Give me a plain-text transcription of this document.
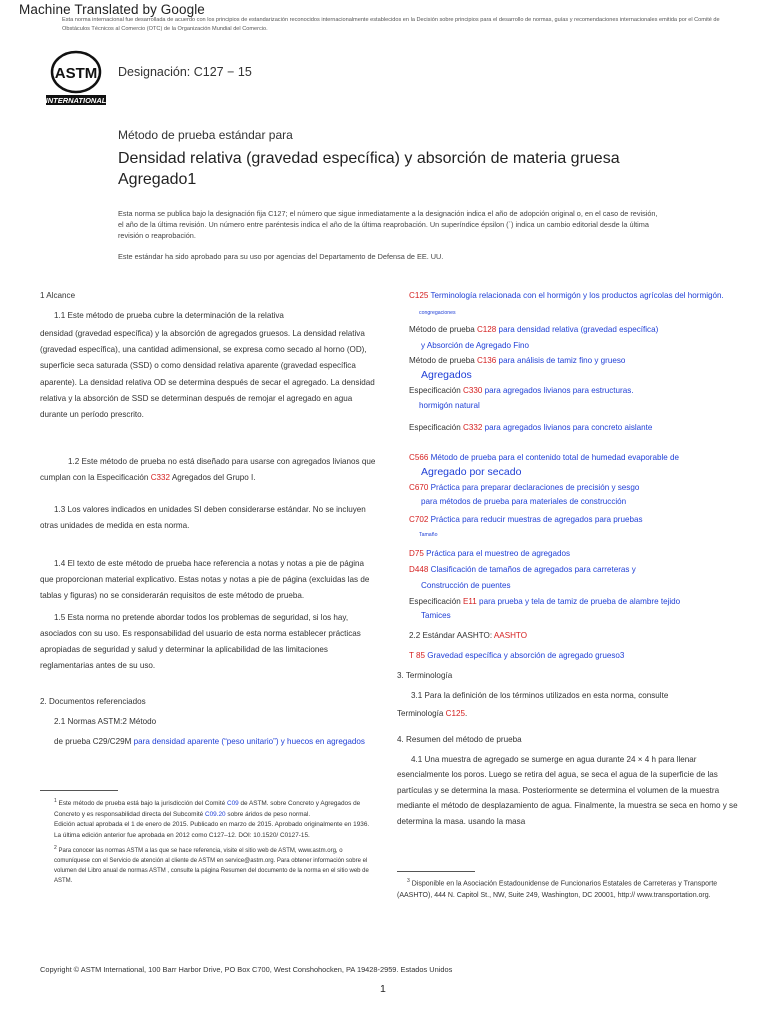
Machine Translated by Google
Esta norma internacional fue desarrollada de acuerdo con los principios de estandarización reconocidos internacionalmente establecidos en la Decisión sobre principios para el desarrollo de normas, guías y recomendaciones internacionales emitida por el Comité de Obstáculos Técnicos al Comercio (OTC) de la Organización Mundial del Comercio.
ASTM
INTERNATIONAL
Designación: C127 − 15
Método de prueba estándar para
Densidad relativa (gravedad específica) y absorción de materia gruesa Agregado1
Esta norma se publica bajo la designación fija C127; el número que sigue inmediatamente a la designación indica el año de adopción original o, en el caso de revisión, el año de la última revisión. Un número entre paréntesis indica el año de la última reaprobación. Un superíndice épsilon (´) indica un cambio editorial desde la última revisión o reaprobación.
Este estándar ha sido aprobado para su uso por agencias del Departamento de Defensa de EE. UU.

1 Alcance

1.1 Este método de prueba cubre la determinación de la relativa

densidad (gravedad específica) y la absorción de agregados gruesos. La densidad relativa (gravedad específica), una cantidad adimensional, se expresa como secado al horno (OD), superficie seca saturada (SSD) o como densidad relativa aparente (gravedad específica aparente). La densidad relativa OD se determina después de secar el agregado. La densidad relativa y la absorción de SSD se determinan después de remojar el agregado en agua durante un período prescrito.

1.2 Este método de prueba no está diseñado para usarse con agregados livianos que cumplan con la Especificación C332 Agregados del Grupo I.

1.3 Los valores indicados en unidades SI deben considerarse estándar. No se incluyen otras unidades de medida en esta norma.

1.4 El texto de este método de prueba hace referencia a notas y notas a pie de página que proporcionan material explicativo. Estas notas y notas a pie de página (excluidas las de tablas y figuras) no se considerarán requisitos de este método de prueba.

1.5 Esta norma no pretende abordar todos los problemas de seguridad, si los hay, asociados con su uso. Es responsabilidad del usuario de esta norma establecer prácticas apropiadas de seguridad y salud y determinar la aplicabilidad de las limitaciones reglamentarias antes de su uso.

2. Documentos referenciados

2.1 Normas ASTM:2 Método

de prueba C29/C29M para densidad aparente (“peso unitario”) y huecos en agregados

$^1$ Este método de prueba está bajo la jurisdicción del Comité C09 de ASTM. sobre Concreto y Agregados de Concreto y es responsabilidad directa del Subcomité C09.20 sobre áridos de peso normal.
Edición actual aprobada el 1 de enero de 2015. Publicado en marzo de 2015. Aprobado originalmente en 1936. La última edición anterior fue aprobada en 2012 como C127–12. DOI: 10.1520/ C0127-15.
$^2$ Para conocer las normas ASTM a las que se hace referencia, visite el sitio web de ASTM, www.astm.org, o comuníquese con el Servicio de atención al cliente de ASTM en service@astm.org. Para obtener información sobre el volumen del Libro anual de normas ASTM , consulte la página Resumen del documento de la norma en el sitio web de ASTM.

C125 Terminología relacionada con el hormigón y los productos agrícolas del hormigón.

congregaciones

Método de prueba C128 para densidad relativa (gravedad específica)

y Absorción de Agregado Fino

Método de prueba C136 para análisis de tamiz fino y grueso

Agregados

Especificación C330 para agregados livianos para estructuras.

hormigón natural

Especificación C332 para agregados livianos para concreto aislante

C566 Método de prueba para el contenido total de humedad evaporable de

Agregado por secado

C670 Práctica para preparar declaraciones de precisión y sesgo

para métodos de prueba para materiales de construcción

C702 Práctica para reducir muestras de agregados para pruebas

Tamaño

D75 Práctica para el muestreo de agregados

D448 Clasificación de tamaños de agregados para carreteras y

Construcción de puentes

Especificación E11 para prueba y tela de tamiz de prueba de alambre tejido

Tamices

2.2 Estándar AASHTO: AASHTO

T 85 Gravedad específica y absorción de agregado grueso3

3. Terminología

3.1 Para la definición de los términos utilizados en esta norma, consulte

Terminología C125.

4. Resumen del método de prueba

4.1 Una muestra de agregado se sumerge en agua durante 24 × 4 h para llenar esencialmente los poros. Luego se retira del agua, se seca el agua de la superficie de las partículas y se determina la masa. Posteriormente se determina el volumen de la muestra mediante el método de desplazamiento de agua. Finalmente, la muestra se seca en homo y se determina la masa. usando la masa

$^3$ Disponible en la Asociación Estadounidense de Funcionarios Estatales de Carreteras y Transporte (AASHTO), 444 N. Capitol St., NW, Suite 249, Washington, DC 20001, http:// www.transportation.org.
Copyright © ASTM International, 100 Barr Harbor Drive, PO Box C700, West Conshohocken, PA 19428-2959. Estados Unidos
1
